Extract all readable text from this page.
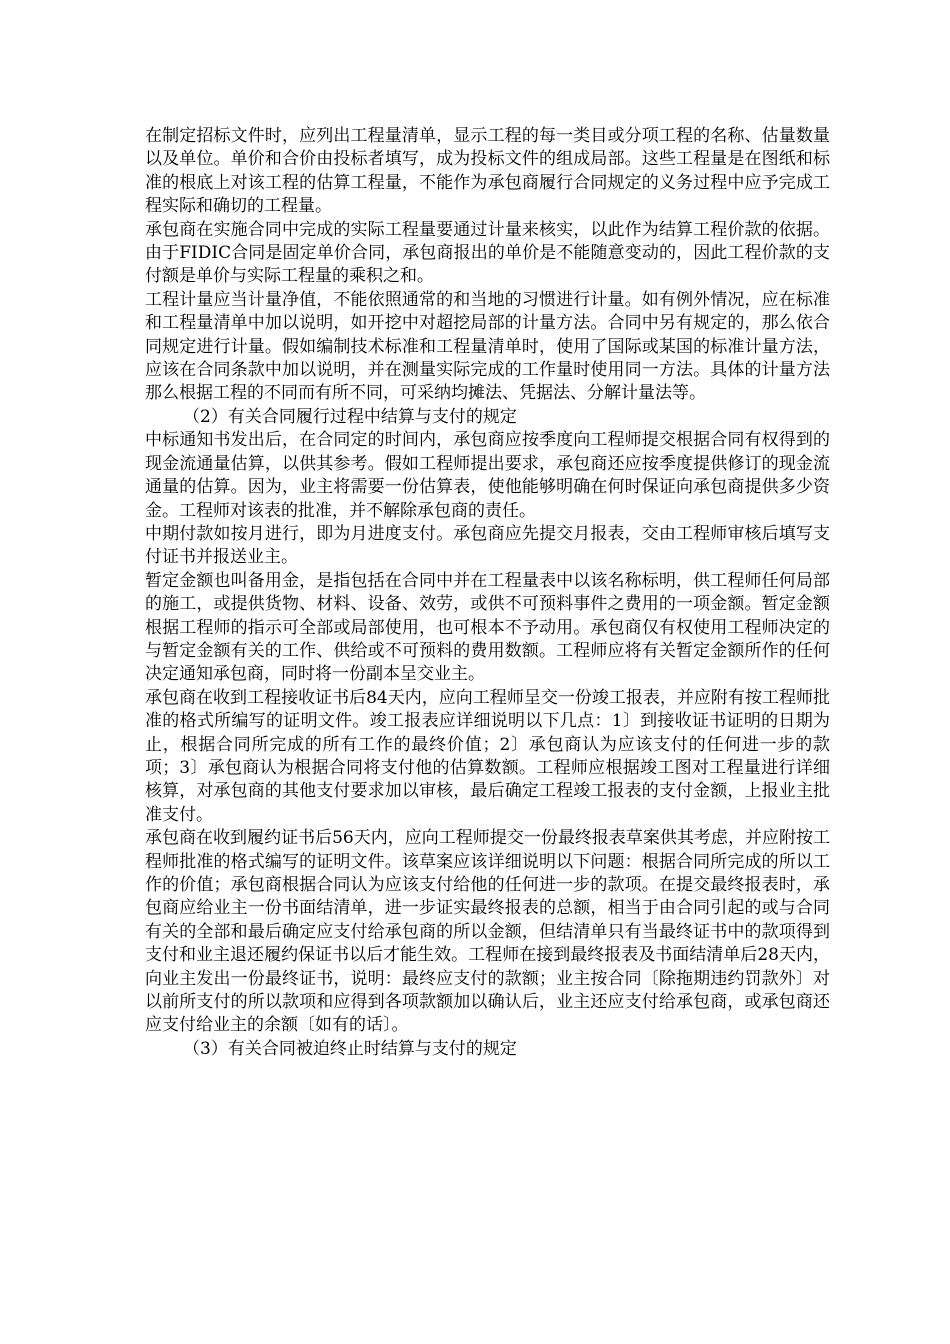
在制定招标文件时，应列出工程量清单，显示工程的每一类目或分项工程的名称、估量数量以及单位。单价和合价由投标者填写，成为投标文件的组成局部。这些工程量是在图纸和标准的根底上对该工程的估算工程量，不能作为承包商履行合同规定的义务过程中应予完成工程实际和确切的工程量。

承包商在实施合同中完成的实际工程量要通过计量来核实，以此作为结算工程价款的依据。由于FIDIC合同是固定单价合同，承包商报出的单价是不能随意变动的，因此工程价款的支付额是单价与实际工程量的乘积之和。

工程计量应当计量净值，不能依照通常的和当地的习惯进行计量。如有例外情况，应在标准和工程量清单中加以说明，如开挖中对超挖局部的计量方法。合同中另有规定的，那么依合同规定进行计量。假如编制技术标准和工程量清单时，使用了国际或某国的标准计量方法，应该在合同条款中加以说明，并在测量实际完成的工作量时使用同一方法。具体的计量方法那么根据工程的不同而有所不同，可采纳均摊法、凭据法、分解计量法等。

（2）有关合同履行过程中结算与支付的规定

中标通知书发出后，在合同定的时间内，承包商应按季度向工程师提交根据合同有权得到的现金流通量估算，以供其参考。假如工程师提出要求，承包商还应按季度提供修订的现金流通量的估算。因为，业主将需要一份估算表，使他能够明确在何时保证向承包商提供多少资金。工程师对该表的批准，并不解除承包商的责任。

中期付款如按月进行，即为月进度支付。承包商应先提交月报表，交由工程师审核后填写支付证书并报送业主。

暂定金额也叫备用金，是指包括在合同中并在工程量表中以该名称标明，供工程师任何局部的施工，或提供货物、材料、设备、效劳，或供不可预料事件之费用的一项金额。暂定金额根据工程师的指示可全部或局部使用，也可根本不予动用。承包商仅有权使用工程师决定的与暂定金额有关的工作、供给或不可预料的费用数额。工程师应将有关暂定金额所作的任何决定通知承包商，同时将一份副本呈交业主。

承包商在收到工程接收证书后84天内，应向工程师呈交一份竣工报表，并应附有按工程师批准的格式所编写的证明文件。竣工报表应详细说明以下几点：1〕到接收证书证明的日期为止，根据合同所完成的所有工作的最终价值；2〕承包商认为应该支付的任何进一步的款项；3〕承包商认为根据合同将支付他的估算数额。工程师应根据竣工图对工程量进行详细核算，对承包商的其他支付要求加以审核，最后确定工程竣工报表的支付金额，上报业主批准支付。

承包商在收到履约证书后56天内，应向工程师提交一份最终报表草案供其考虑，并应附按工程师批准的格式编写的证明文件。该草案应该详细说明以下问题：根据合同所完成的所以工作的价值；承包商根据合同认为应该支付给他的任何进一步的款项。在提交最终报表时，承包商应给业主一份书面结清单，进一步证实最终报表的总额，相当于由合同引起的或与合同有关的全部和最后确定应支付给承包商的所以金额，但结清单只有当最终证书中的款项得到支付和业主退还履约保证书以后才能生效。工程师在接到最终报表及书面结清单后28天内，向业主发出一份最终证书，说明：最终应支付的款额；业主按合同〔除拖期违约罚款外〕对以前所支付的所以款项和应得到各项款额加以确认后，业主还应支付给承包商，或承包商还应支付给业主的余额〔如有的话〕。

（3）有关合同被迫终止时结算与支付的规定
